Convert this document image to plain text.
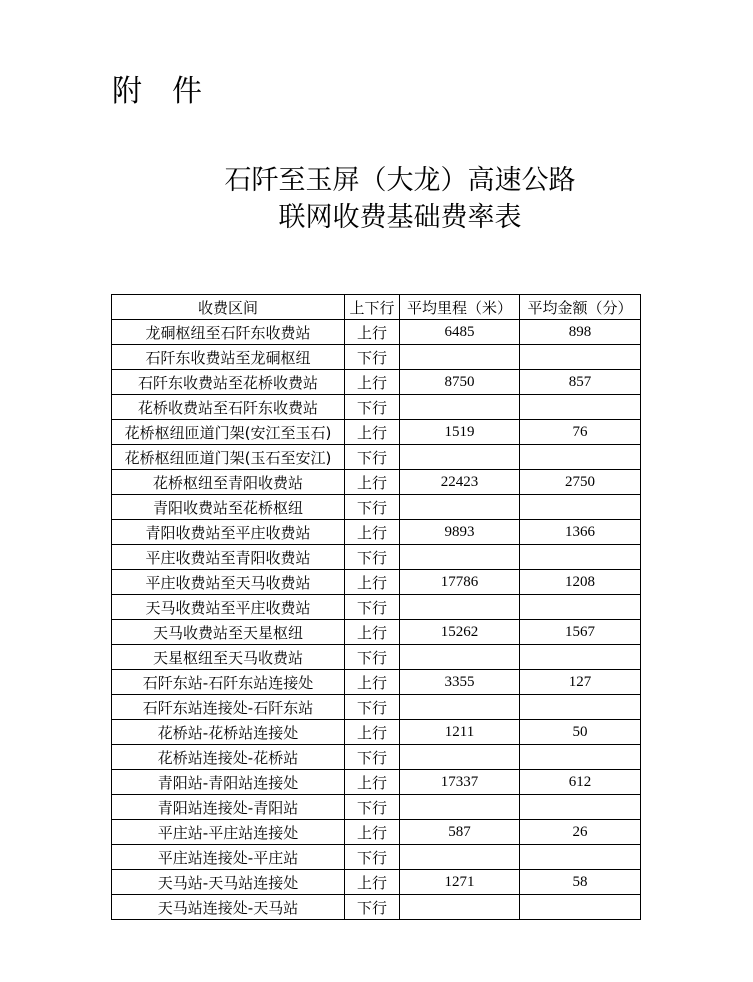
附 件
石阡至玉屏（大龙）高速公路
联网收费基础费率表
收费区间	上下行	平均里程（米）	平均金额（分）
龙硐枢纽至石阡东收费站	上行	6485	898
石阡东收费站至龙硐枢纽	下行		
石阡东收费站至花桥收费站	上行	8750	857
花桥收费站至石阡东收费站	下行		
花桥枢纽匝道门架(安江至玉石)	上行	1519	76
花桥枢纽匝道门架(玉石至安江)	下行		
花桥枢纽至青阳收费站	上行	22423	2750
青阳收费站至花桥枢纽	下行		
青阳收费站至平庄收费站	上行	9893	1366
平庄收费站至青阳收费站	下行		
平庄收费站至天马收费站	上行	17786	1208
天马收费站至平庄收费站	下行		
天马收费站至天星枢纽	上行	15262	1567
天星枢纽至天马收费站	下行		
石阡东站-石阡东站连接处	上行	3355	127
石阡东站连接处-石阡东站	下行		
花桥站-花桥站连接处	上行	1211	50
花桥站连接处-花桥站	下行		
青阳站-青阳站连接处	上行	17337	612
青阳站连接处-青阳站	下行		
平庄站-平庄站连接处	上行	587	26
平庄站连接处-平庄站	下行		
天马站-天马站连接处	上行	1271	58
天马站连接处-天马站	下行		
